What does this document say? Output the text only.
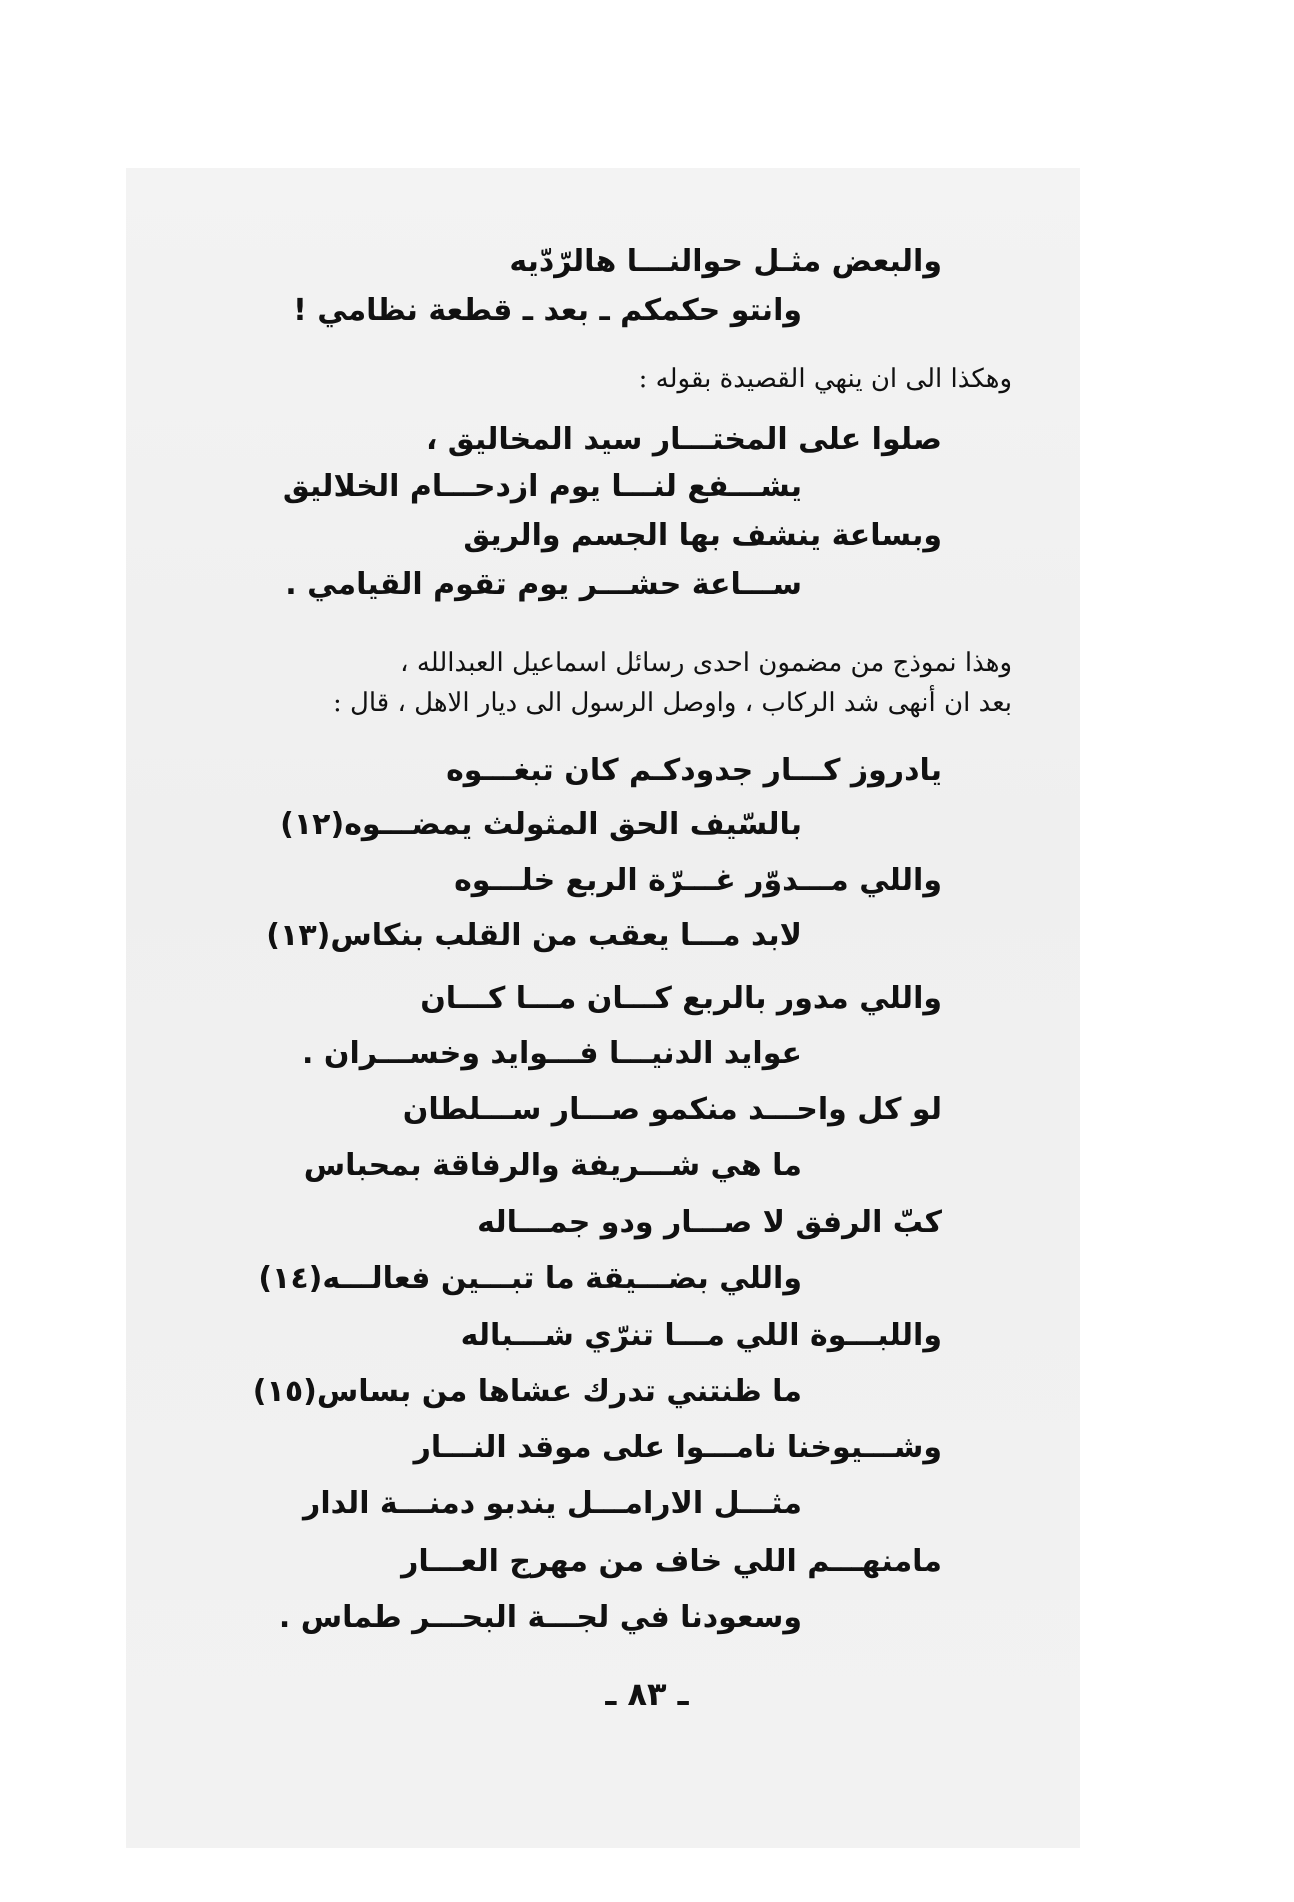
والبعض مثـل حوالنـــا هالرّدّيه
وانتو حكمكم ـ بعد ـ قطعة نظامي !
وهكذا الى ان ينهي القصيدة بقوله :
صلوا على المختـــار سيد المخاليق ،
يشـــفع لنـــا يوم ازدحـــام الخلاليق
وبساعة ينشف بها الجسم والريق
ســـاعة حشـــر يوم تقوم القيامي .
وهذا نموذج من مضمون احدى رسائل اسماعيل العبدالله ،
بعد ان أنهى شد الركاب ، واوصل الرسول الى ديار الاهل ، قال :
يادروز كـــار جدودكـم كان تبغـــوه
بالسّيف الحق المثولث يمضـــوه(١٢)
واللي مـــدوّر غـــرّة الربع خلـــوه
لابد مـــا يعقب من القلب بنكاس(١٣)
واللي مدور بالربع كـــان مـــا كـــان
عوايد الدنيـــا فـــوايد وخســـران .
لو كل واحـــد منكمو صـــار ســـلطان
ما هي شـــريفة والرفاقة بمحباس
كبّ الرفق لا صـــار ودو جمـــاله
واللي بضـــيقة ما تبـــين فعالـــه(١٤)
واللبـــوة اللي مـــا تنرّي شـــباله
ما ظنتني تدرك عشاها من بساس(١٥)
وشـــيوخنا نامـــوا على موقد النـــار
مثـــل الارامـــل يندبو دمنـــة الدار
مامنهـــم اللي خاف من مهرج العـــار
وسعودنا في لجـــة البحـــر طماس .
ـ ٨٣ ـ
